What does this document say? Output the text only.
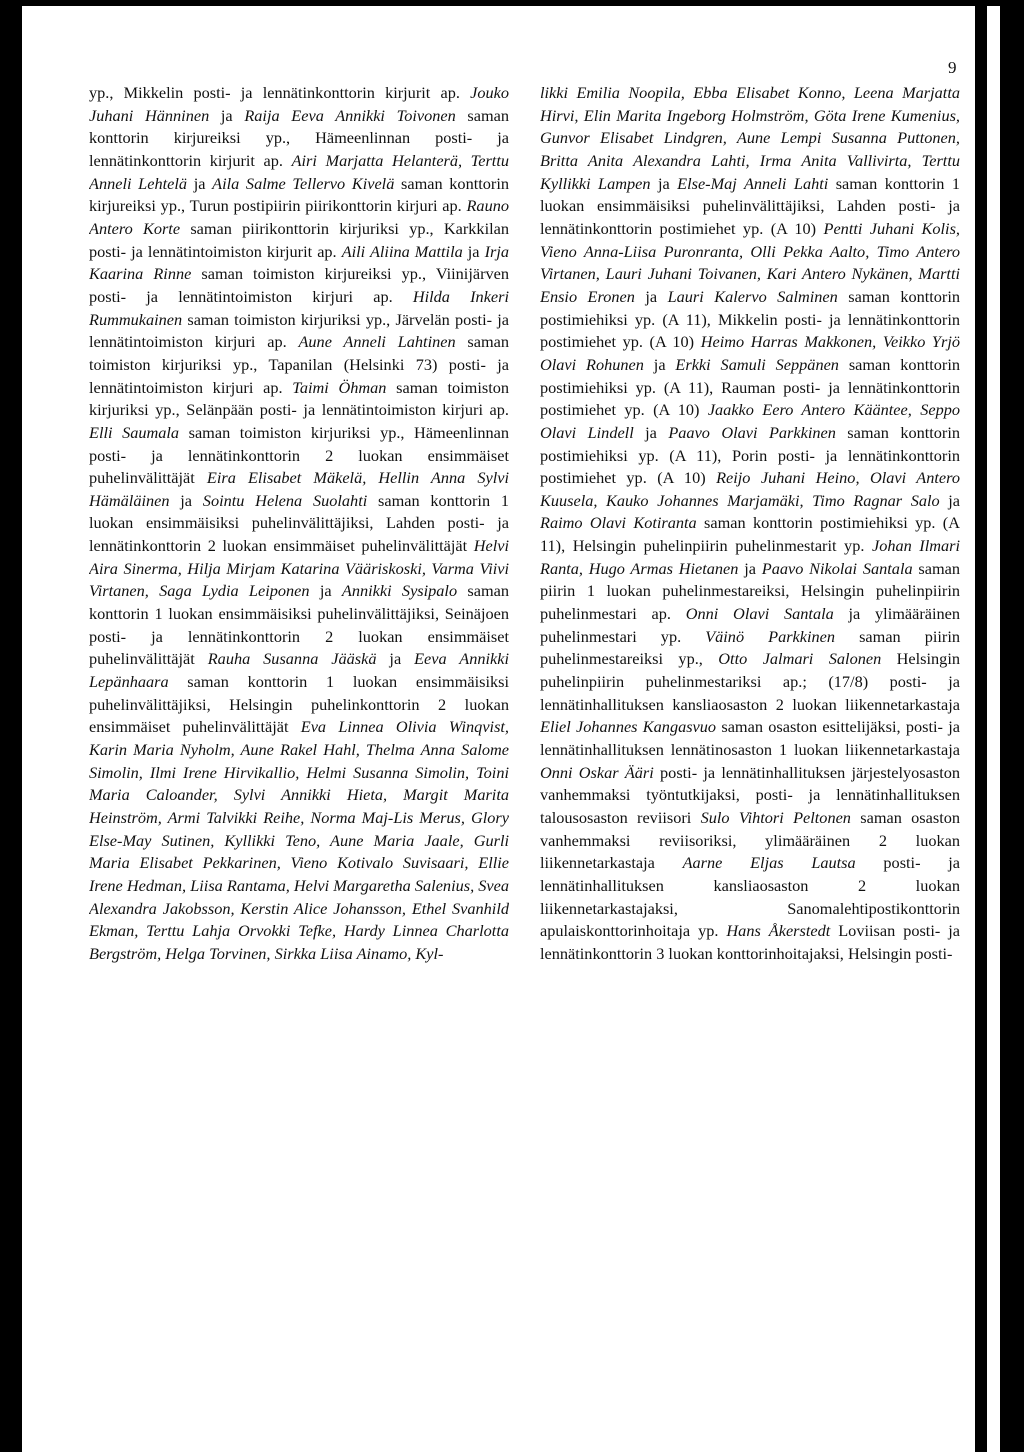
9

yp., Mikkelin posti- ja lennätinkonttorin kirjurit ap. Jouko Juhani Hänninen ja Raija Eeva Annikki Toivonen saman konttorin kirjureiksi yp., Hämeenlinnan posti- ja lennätinkonttorin kirjurit ap. Airi Marjatta Helanterä, Terttu Anneli Lehtelä ja Aila Salme Tellervo Kivelä saman konttorin kirjureiksi yp., Turun postipiirin piirikonttorin kirjuri ap. Rauno Antero Korte saman piirikonttorin kirjuriksi yp., Karkkilan posti- ja lennätintoimiston kirjurit ap. Aili Aliina Mattila ja Irja Kaarina Rinne saman toimiston kirjureiksi yp., Viinijärven posti- ja lennätintoimiston kirjuri ap. Hilda Inkeri Rummukainen saman toimiston kirjuriksi yp., Järvelän posti- ja lennätintoimiston kirjuri ap. Aune Anneli Lahtinen saman toimiston kirjuriksi yp., Tapanilan (Helsinki 73) posti- ja lennätintoimiston kirjuri ap. Taimi Öhman saman toimiston kirjuriksi yp., Selänpään posti- ja lennätintoimiston kirjuri ap. Elli Saumala saman toimiston kirjuriksi yp., Hämeenlinnan posti- ja lennätinkonttorin 2 luokan ensimmäiset puhelinvälittäjät Eira Elisabet Mäkelä, Hellin Anna Sylvi Hämäläinen ja Sointu Helena Suolahti saman konttorin 1 luokan ensimmäisiksi puhelinvälittäjiksi, Lahden posti- ja lennätinkonttorin 2 luokan ensimmäiset puhelinvälittäjät Helvi Aira Sinerma, Hilja Mirjam Katarina Vääriskoski, Varma Viivi Virtanen, Saga Lydia Leiponen ja Annikki Sysipalo saman konttorin 1 luokan ensimmäisiksi puhelinvälittäjiksi, Seinäjoen posti- ja lennätinkonttorin 2 luokan ensimmäiset puhelinvälittäjät Rauha Susanna Jääskä ja Eeva Annikki Lepänhaara saman konttorin 1 luokan ensimmäisiksi puhelinvälittäjiksi, Helsingin puhelinkonttorin 2 luokan ensimmäiset puhelinvälittäjät Eva Linnea Olivia Winqvist, Karin Maria Nyholm, Aune Rakel Hahl, Thelma Anna Salome Simolin, Ilmi Irene Hirvikallio, Helmi Susanna Simolin, Toini Maria Caloander, Sylvi Annikki Hieta, Margit Marita Heinström, Armi Talvikki Reihe, Norma Maj-Lis Merus, Glory Else-May Sutinen, Kyllikki Teno, Aune Maria Jaale, Gurli Maria Elisabet Pekkarinen, Vieno Kotivalo Suvisaari, Ellie Irene Hedman, Liisa Rantama, Helvi Margaretha Salenius, Svea Alexandra Jakobsson, Kerstin Alice Johansson, Ethel Svanhild Ekman, Terttu Lahja Orvokki Tefke, Hardy Linnea Charlotta Bergström, Helga Torvinen, Sirkka Liisa Ainamo, Kyl-

likki Emilia Noopila, Ebba Elisabet Konno, Leena Marjatta Hirvi, Elin Marita Ingeborg Holmström, Göta Irene Kumenius, Gunvor Elisabet Lindgren, Aune Lempi Susanna Puttonen, Britta Anita Alexandra Lahti, Irma Anita Vallivirta, Terttu Kyllikki Lampen ja Else-Maj Anneli Lahti saman konttorin 1 luokan ensimmäisiksi puhelinvälittäjiksi, Lahden posti- ja lennätinkonttorin postimiehet yp. (A 10) Pentti Juhani Kolis, Vieno Anna-Liisa Puronranta, Olli Pekka Aalto, Timo Antero Virtanen, Lauri Juhani Toivanen, Kari Antero Nykänen, Martti Ensio Eronen ja Lauri Kalervo Salminen saman konttorin postimiehiksi yp. (A 11), Mikkelin posti- ja lennätinkonttorin postimiehet yp. (A 10) Heimo Harras Makkonen, Veikko Yrjö Olavi Rohunen ja Erkki Samuli Seppänen saman konttorin postimiehiksi yp. (A 11), Rauman posti- ja lennätinkonttorin postimiehet yp. (A 10) Jaakko Eero Antero Kääntee, Seppo Olavi Lindell ja Paavo Olavi Parkkinen saman konttorin postimiehiksi yp. (A 11), Porin posti- ja lennätinkonttorin postimiehet yp. (A 10) Reijo Juhani Heino, Olavi Antero Kuusela, Kauko Johannes Marjamäki, Timo Ragnar Salo ja Raimo Olavi Kotiranta saman konttorin postimiehiksi yp. (A 11), Helsingin puhelinpiirin puhelinmestarit yp. Johan Ilmari Ranta, Hugo Armas Hietanen ja Paavo Nikolai Santala saman piirin 1 luokan puhelinmestareiksi, Helsingin puhelinpiirin puhelinmestari ap. Onni Olavi Santala ja ylimääräinen puhelinmestari yp. Väinö Parkkinen saman piirin puhelinmestareiksi yp., Otto Jalmari Salonen Helsingin puhelinpiirin puhelinmestariksi ap.; (17/8) posti- ja lennätinhallituksen kansliaosaston 2 luokan liikennetarkastaja Eliel Johannes Kangasvuo saman osaston esittelijäksi, posti- ja lennätinhallituksen lennätinosaston 1 luokan liikennetarkastaja Onni Oskar Ääri posti- ja lennätinhallituksen järjestelyosaston vanhemmaksi työntutkijaksi, posti- ja lennätinhallituksen talousosaston reviisori Sulo Vihtori Peltonen saman osaston vanhemmaksi reviisoriksi, ylimääräinen 2 luokan liikennetarkastaja Aarne Eljas Lautsa posti- ja lennätinhallituksen kansliaosaston 2 luokan liikennetarkastajaksi, Sanomalehtipostikonttorin apulaiskonttorinhoitaja yp. Hans Åkerstedt Loviisan posti- ja lennätinkonttorin 3 luokan konttorinhoitajaksi, Helsingin posti-
